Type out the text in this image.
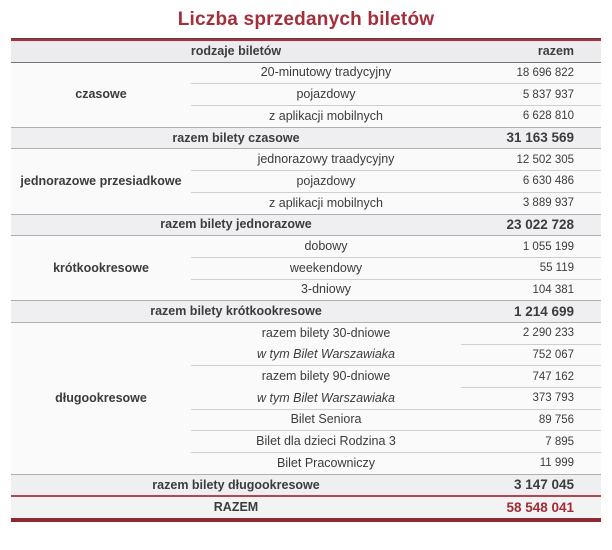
Liczba sprzedanych biletów
rodzaje biletów		razem
czasowe	20-minutowy tradycyjny	18 696 822
	pojazdowy	5 837 937
	z aplikacji mobilnych	6 628 810
razem bilety czasowe		31 163 569
jednorazowe przesiadkowe	jednorazowy traadycyjny	12 502 305
	pojazdowy	6 630 486
	z aplikacji mobilnych	3 889 937
razem bilety jednorazowe		23 022 728
krótkookresowe	dobowy	1 055 199
	weekendowy	55 119
	3-dniowy	104 381
razem bilety krótkookresowe		1 214 699
długookresowe	razem bilety 30-dniowe	2 290 233
	w tym Bilet Warszawiaka	752 067
	razem bilety 90-dniowe	747 162
	w tym Bilet Warszawiaka	373 793
	Bilet Seniora	89 756
	Bilet dla dzieci Rodzina 3	7 895
	Bilet Pracowniczy	11 999
razem bilety długookresowe		3 147 045
RAZEM		58 548 041
